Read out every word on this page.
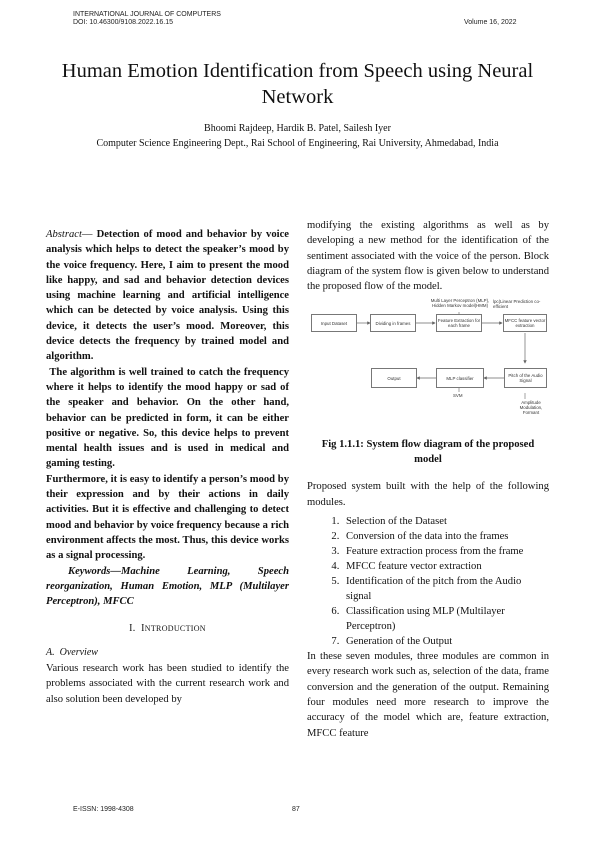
INTERNATIONAL JOURNAL OF COMPUTERS
DOI: 10.46300/9108.2022.16.15	Volume 16, 2022
Human Emotion Identification from Speech using Neural Network
Bhoomi Rajdeep, Hardik B. Patel, Sailesh Iyer
Computer Science Engineering Dept., Rai School of Engineering, Rai University, Ahmedabad, India

Abstract— Detection of mood and behavior by voice analysis which helps to detect the speaker’s mood by the voice frequency. Here, I aim to present the mood like happy, and sad and behavior detection devices using machine learning and artificial intelligence which can be detected by voice analysis. Using this device, it detects the user’s mood. Moreover, this device detects the frequency by trained model and algorithm.

The algorithm is well trained to catch the frequency where it helps to identify the mood happy or sad of the speaker and behavior. On the other hand, behavior can be predicted in form, it can be either positive or negative. So, this device helps to prevent mental health issues and is used in medical and gaming testing.

Furthermore, it is easy to identify a person’s mood by their expression and by their actions in daily activities. But it is effective and challenging to detect mood and behavior by voice frequency because a rich environment affects the most. Thus, this device works as a signal processing.

Keywords—Machine Learning, Speech reorganization, Human Emotion, MLP (Multilayer Perceptron), MFCC

I. INTRODUCTION
A. Overview

Various research work has been studied to identify the problems associated with the current research work and also solution been developed by

modifying the existing algorithms as well as by developing a new method for the identification of the sentiment associated with the voice of the person. Block diagram of the system flow is given below to understand the proposed flow of the model.

Input Dataset	Dividing in frames	Feature Extraction for each frame
MFCC feature vector extraction
Pitch of the Audio Signal
MLP classifier
Output
Multi Layer Perceptron (MLP), Hidden Markov model(HMM)
lpc(Linear Prediction co-efficient
SVM
Amplitude Modulation, Formant
Fig 1.1.1: System flow diagram of the proposed model

Proposed system built with the help of the following modules.

1. Selection of the Dataset
2. Conversion of the data into the frames
3. Feature extraction process from the frame
4. MFCC feature vector extraction
5. Identification of the pitch from the Audio signal
6. Classification using MLP (Multilayer Perceptron)
7. Generation of the Output

In these seven modules, three modules are common in every research work such as, selection of the data, frame conversion and the generation of the output. Remaining four modules need more research to improve the accuracy of the model which are, feature extraction, MFCC feature

E-ISSN: 1998-4308	87
